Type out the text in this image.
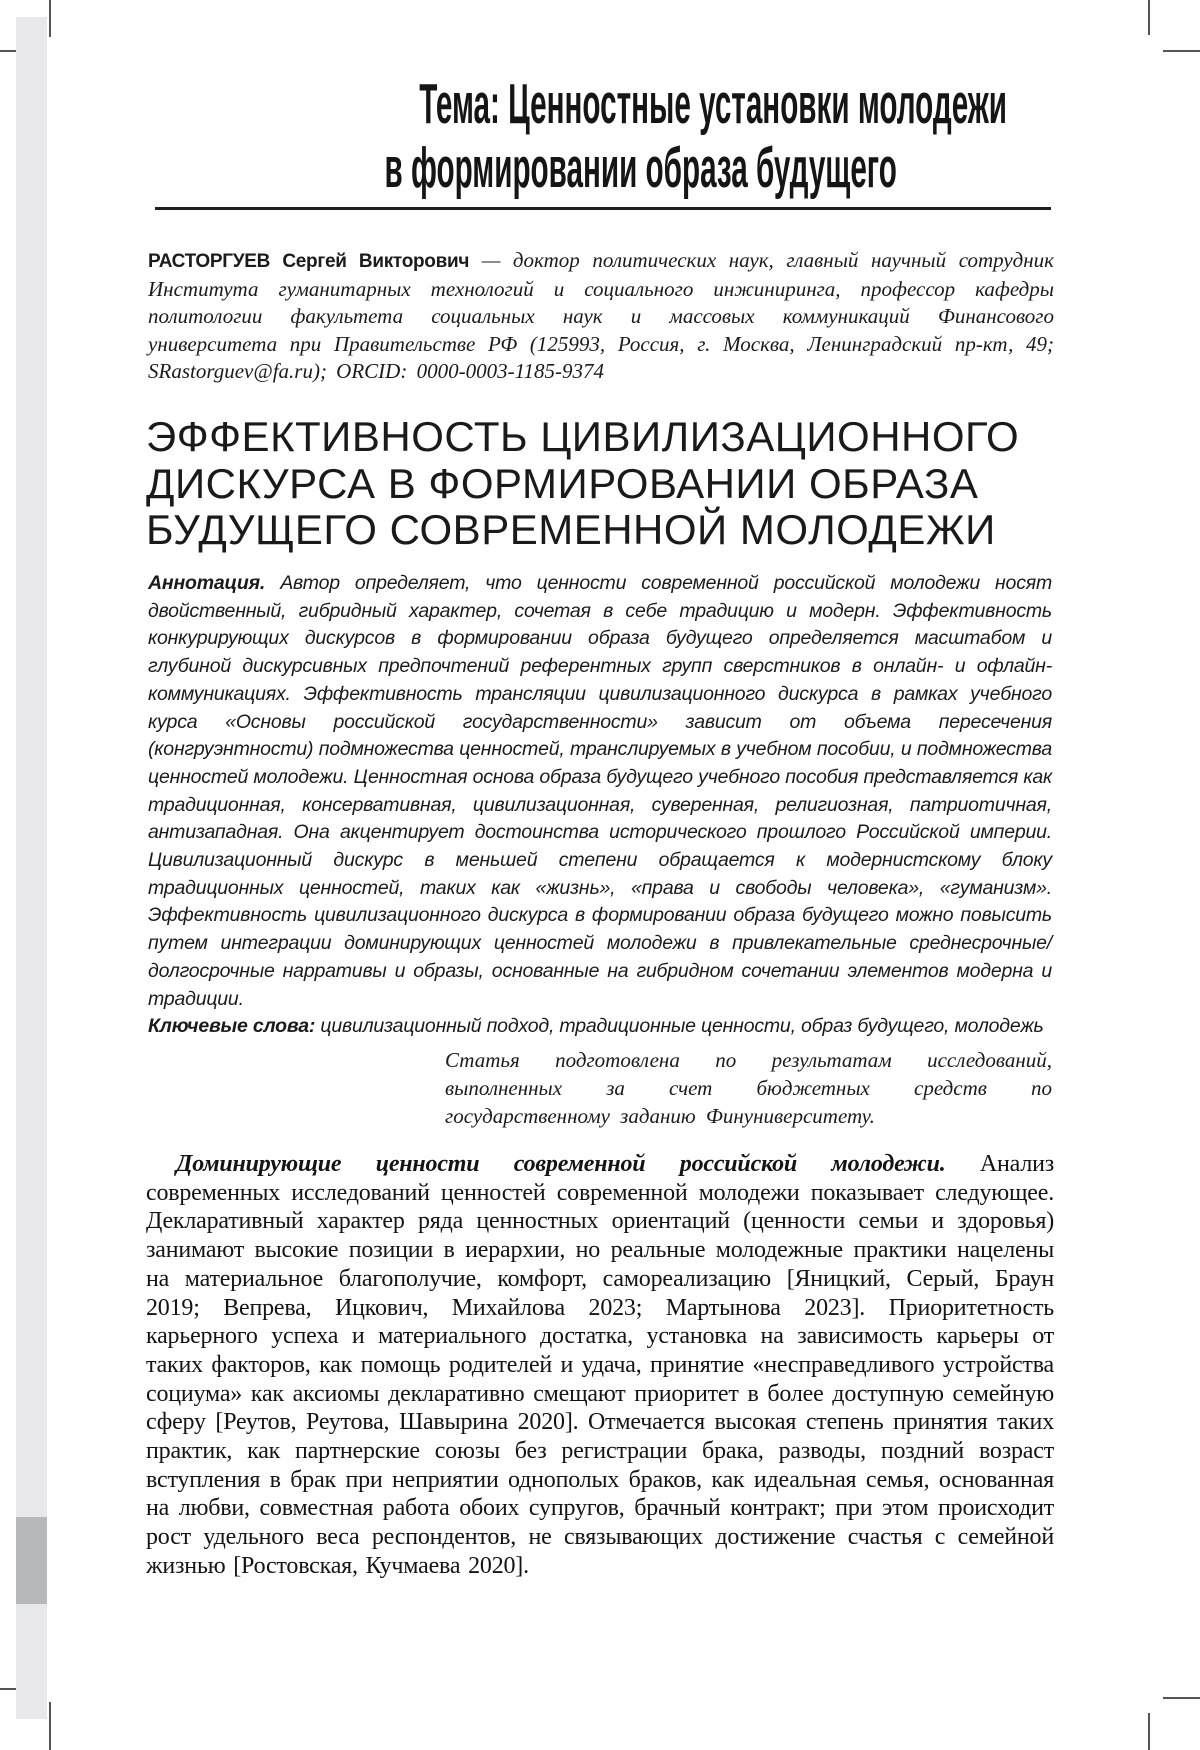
Тема: Ценностные установки молодежи
в формировании образа будущего

РАСТОРГУЕВ Сергей Викторович — доктор политических наук, главный научный сотрудник Института гуманитарных технологий и социального инжиниринга, профессор кафедры политологии факультета социальных наук и массовых коммуникаций Финансового университета при Правительстве РФ (125993, Россия, г. Москва, Ленинградский пр-кт, 49; SRastorguev@fa.ru); ORCID: 0000-0003-1185-9374

ЭФФЕКТИВНОСТЬ ЦИВИЛИЗАЦИОННОГО ДИСКУРСА В ФОРМИРОВАНИИ ОБРАЗА БУДУЩЕГО СОВРЕМЕННОЙ МОЛОДЕЖИ

Аннотация. Автор определяет, что ценности современной российской молодежи носят двойственный, гибридный характер, сочетая в себе традицию и модерн. Эффективность конкурирующих дискурсов в формировании образа будущего определяется масштабом и глубиной дискурсивных предпочтений референтных групп сверстников в онлайн- и офлайн-коммуникациях. Эффективность трансляции цивилизационного дискурса в рамках учебного курса «Основы российской государственности» зависит от объема пересечения (конгруэнтности) подмножества ценностей, транслируемых в учебном пособии, и подмножества ценностей молодежи. Ценностная основа образа будущего учебного пособия представляется как традиционная, консервативная, цивилизационная, суверенная, религиозная, патриотичная, антизападная. Она акцентирует достоинства исторического прошлого Российской империи. Цивилизационный дискурс в меньшей степени обращается к модернистскому блоку традиционных ценностей, таких как «жизнь», «права и свободы человека», «гуманизм». Эффективность цивилизационного дискурса в формировании образа будущего можно повысить путем интеграции доминирующих ценностей молодежи в привлекательные среднесрочные/долгосрочные нарративы и образы, основанные на гибридном сочетании элементов модерна и традиции.

Ключевые слова: цивилизационный подход, традиционные ценности, образ будущего, молодежь

Статья подготовлена по результатам исследований, выполненных за счет бюджетных средств по государственному заданию Финуниверситету.

Доминирующие ценности современной российской молодежи. Анализ современных исследований ценностей современной молодежи показывает следующее. Декларативный характер ряда ценностных ориентаций (ценности семьи и здоровья) занимают высокие позиции в иерархии, но реальные молодежные практики нацелены на материальное благополучие, комфорт, самореализацию [Яницкий, Серый, Браун 2019; Вепрева, Ицкович, Михайлова 2023; Мартынова 2023]. Приоритетность карьерного успеха и материального достатка, установка на зависимость карьеры от таких факторов, как помощь родителей и удача, принятие «несправедливого устройства социума» как аксиомы декларативно смещают приоритет в более доступную семейную сферу [Реутов, Реутова, Шавырина 2020]. Отмечается высокая степень принятия таких практик, как партнерские союзы без регистрации брака, разводы, поздний возраст вступления в брак при неприятии однополых браков, как идеальная семья, основанная на любви, совместная работа обоих супругов, брачный контракт; при этом происходит рост удельного веса респондентов, не связывающих достижение счастья с семейной жизнью [Ростовская, Кучмаева 2020].
